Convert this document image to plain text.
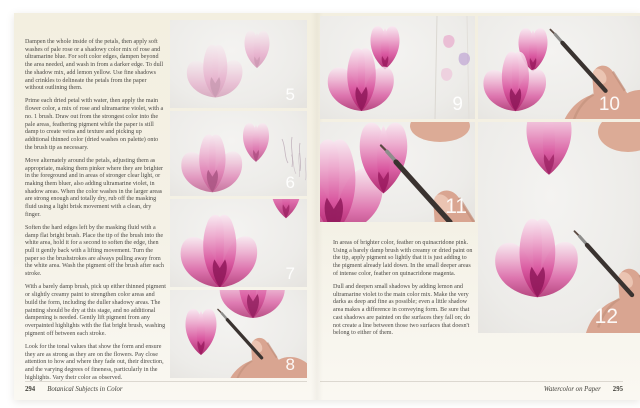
Dampen the whole inside of the petals, then apply soft washes of pale rose or a shadowy color mix of rose and ultramarine blue. For soft color edges, dampen beyond the area needed, and wash in from a darker edge. To dull the shadow mix, add lemon yellow. Use fine shadows and crinkles to delineate the petals from the paper without outlining them.

Prime each dried petal with water, then apply the main flower color, a mix of rose and ultramarine violet, with a no. 1 brush. Draw out from the strongest color into the pale areas, feathering pigment while the paper is still damp to create veins and texture and picking up additional thinned color (dried washes on palette) onto the brush tip as necessary.

Move alternately around the petals, adjusting them as appropriate, making them pinker where they are brighter in the foreground and in areas of stronger clear light, or making them bluer, also adding ultramarine violet, in shadow areas. When the color washes in the larger areas are strong enough and totally dry, rub off the masking fluid using a light brisk movement with a clean, dry finger.

Soften the hard edges left by the masking fluid with a damp flat bright brush. Place the tip of the brush into the white area, hold it for a second to soften the edge, then pull it gently back with a lifting movement. Turn the paper so the brushstrokes are always pulling away from the white area. Wash the pigment off the brush after each stroke.

With a barely damp brush, pick up either thinned pigment or slightly creamy paint to strengthen color areas and build the form, including the duller shadowy areas. The painting should be dry at this stage, and no additional dampening is needed. Gently lift pigment from any overpainted highlights with the flat bright brush, washing pigment off between each stroke.

Look for the tonal values that show the form and ensure they are as strong as they are on the flowers. Pay close attention to how and where they fade out, their direction, and the varying degrees of fineness, particularly in the highlights. Vary their color as observed.

5
6
7
8
294 Botanical Subjects in Color
9	10
11
12

In areas of brighter color, feather on quinacridone pink. Using a barely damp brush with creamy or dried paint on the tip, apply pigment so lightly that it is just adding to the pigment already laid down. In the small deeper areas of intense color, feather on quinacridone magenta.

Dull and deepen small shadows by adding lemon and ultramarine violet to the main color mix. Make the very darks as deep and fine as possible; even a little shadow area makes a difference in conveying form. Be sure that cast shadows are painted on the surfaces they fall on; do not create a line between those two surfaces that doesn't belong to either of them.

Watercolor on Paper 295
